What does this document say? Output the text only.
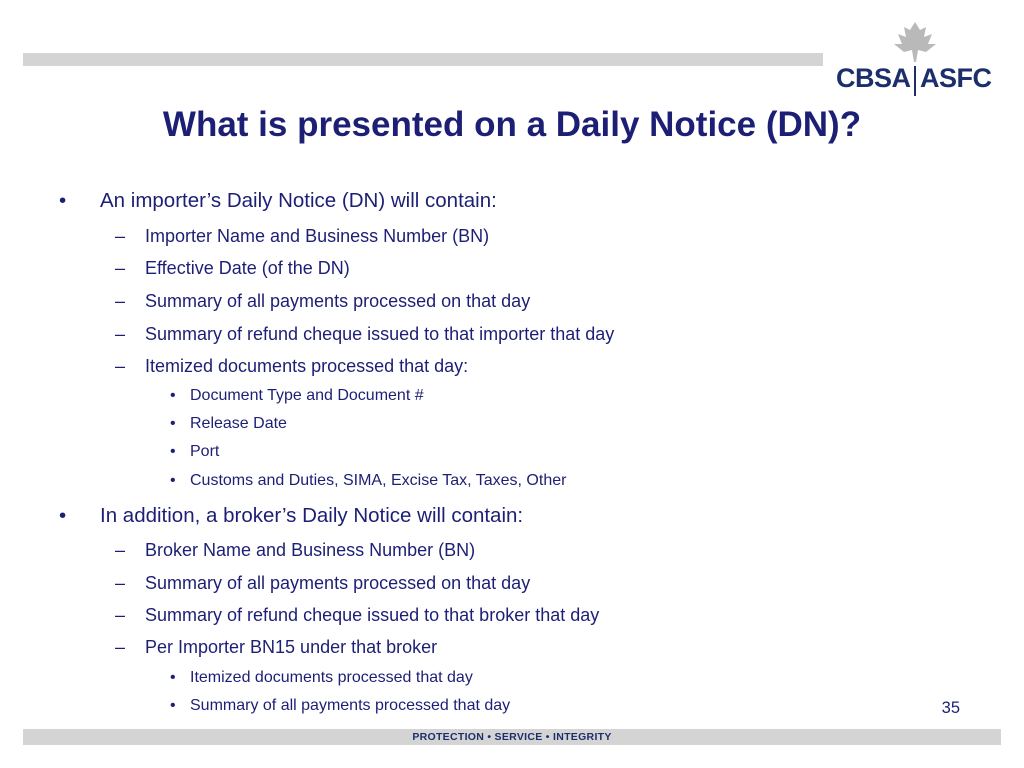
CBSA ASFC
What is presented on a Daily Notice (DN)?
• An importer’s Daily Notice (DN) will contain:
– Importer Name and Business Number (BN)
– Effective Date (of the DN)
– Summary of all payments processed on that day
– Summary of refund cheque issued to that importer that day
– Itemized documents processed that day:
• Document Type and Document #
• Release Date
• Port
• Customs and Duties, SIMA, Excise Tax, Taxes, Other
• In addition, a broker’s Daily Notice will contain:
– Broker Name and Business Number (BN)
– Summary of all payments processed on that day
– Summary of refund cheque issued to that broker that day
– Per Importer BN15 under that broker
• Itemized documents processed that day
• Summary of all payments processed that day	35
PROTECTION • SERVICE • INTEGRITY
